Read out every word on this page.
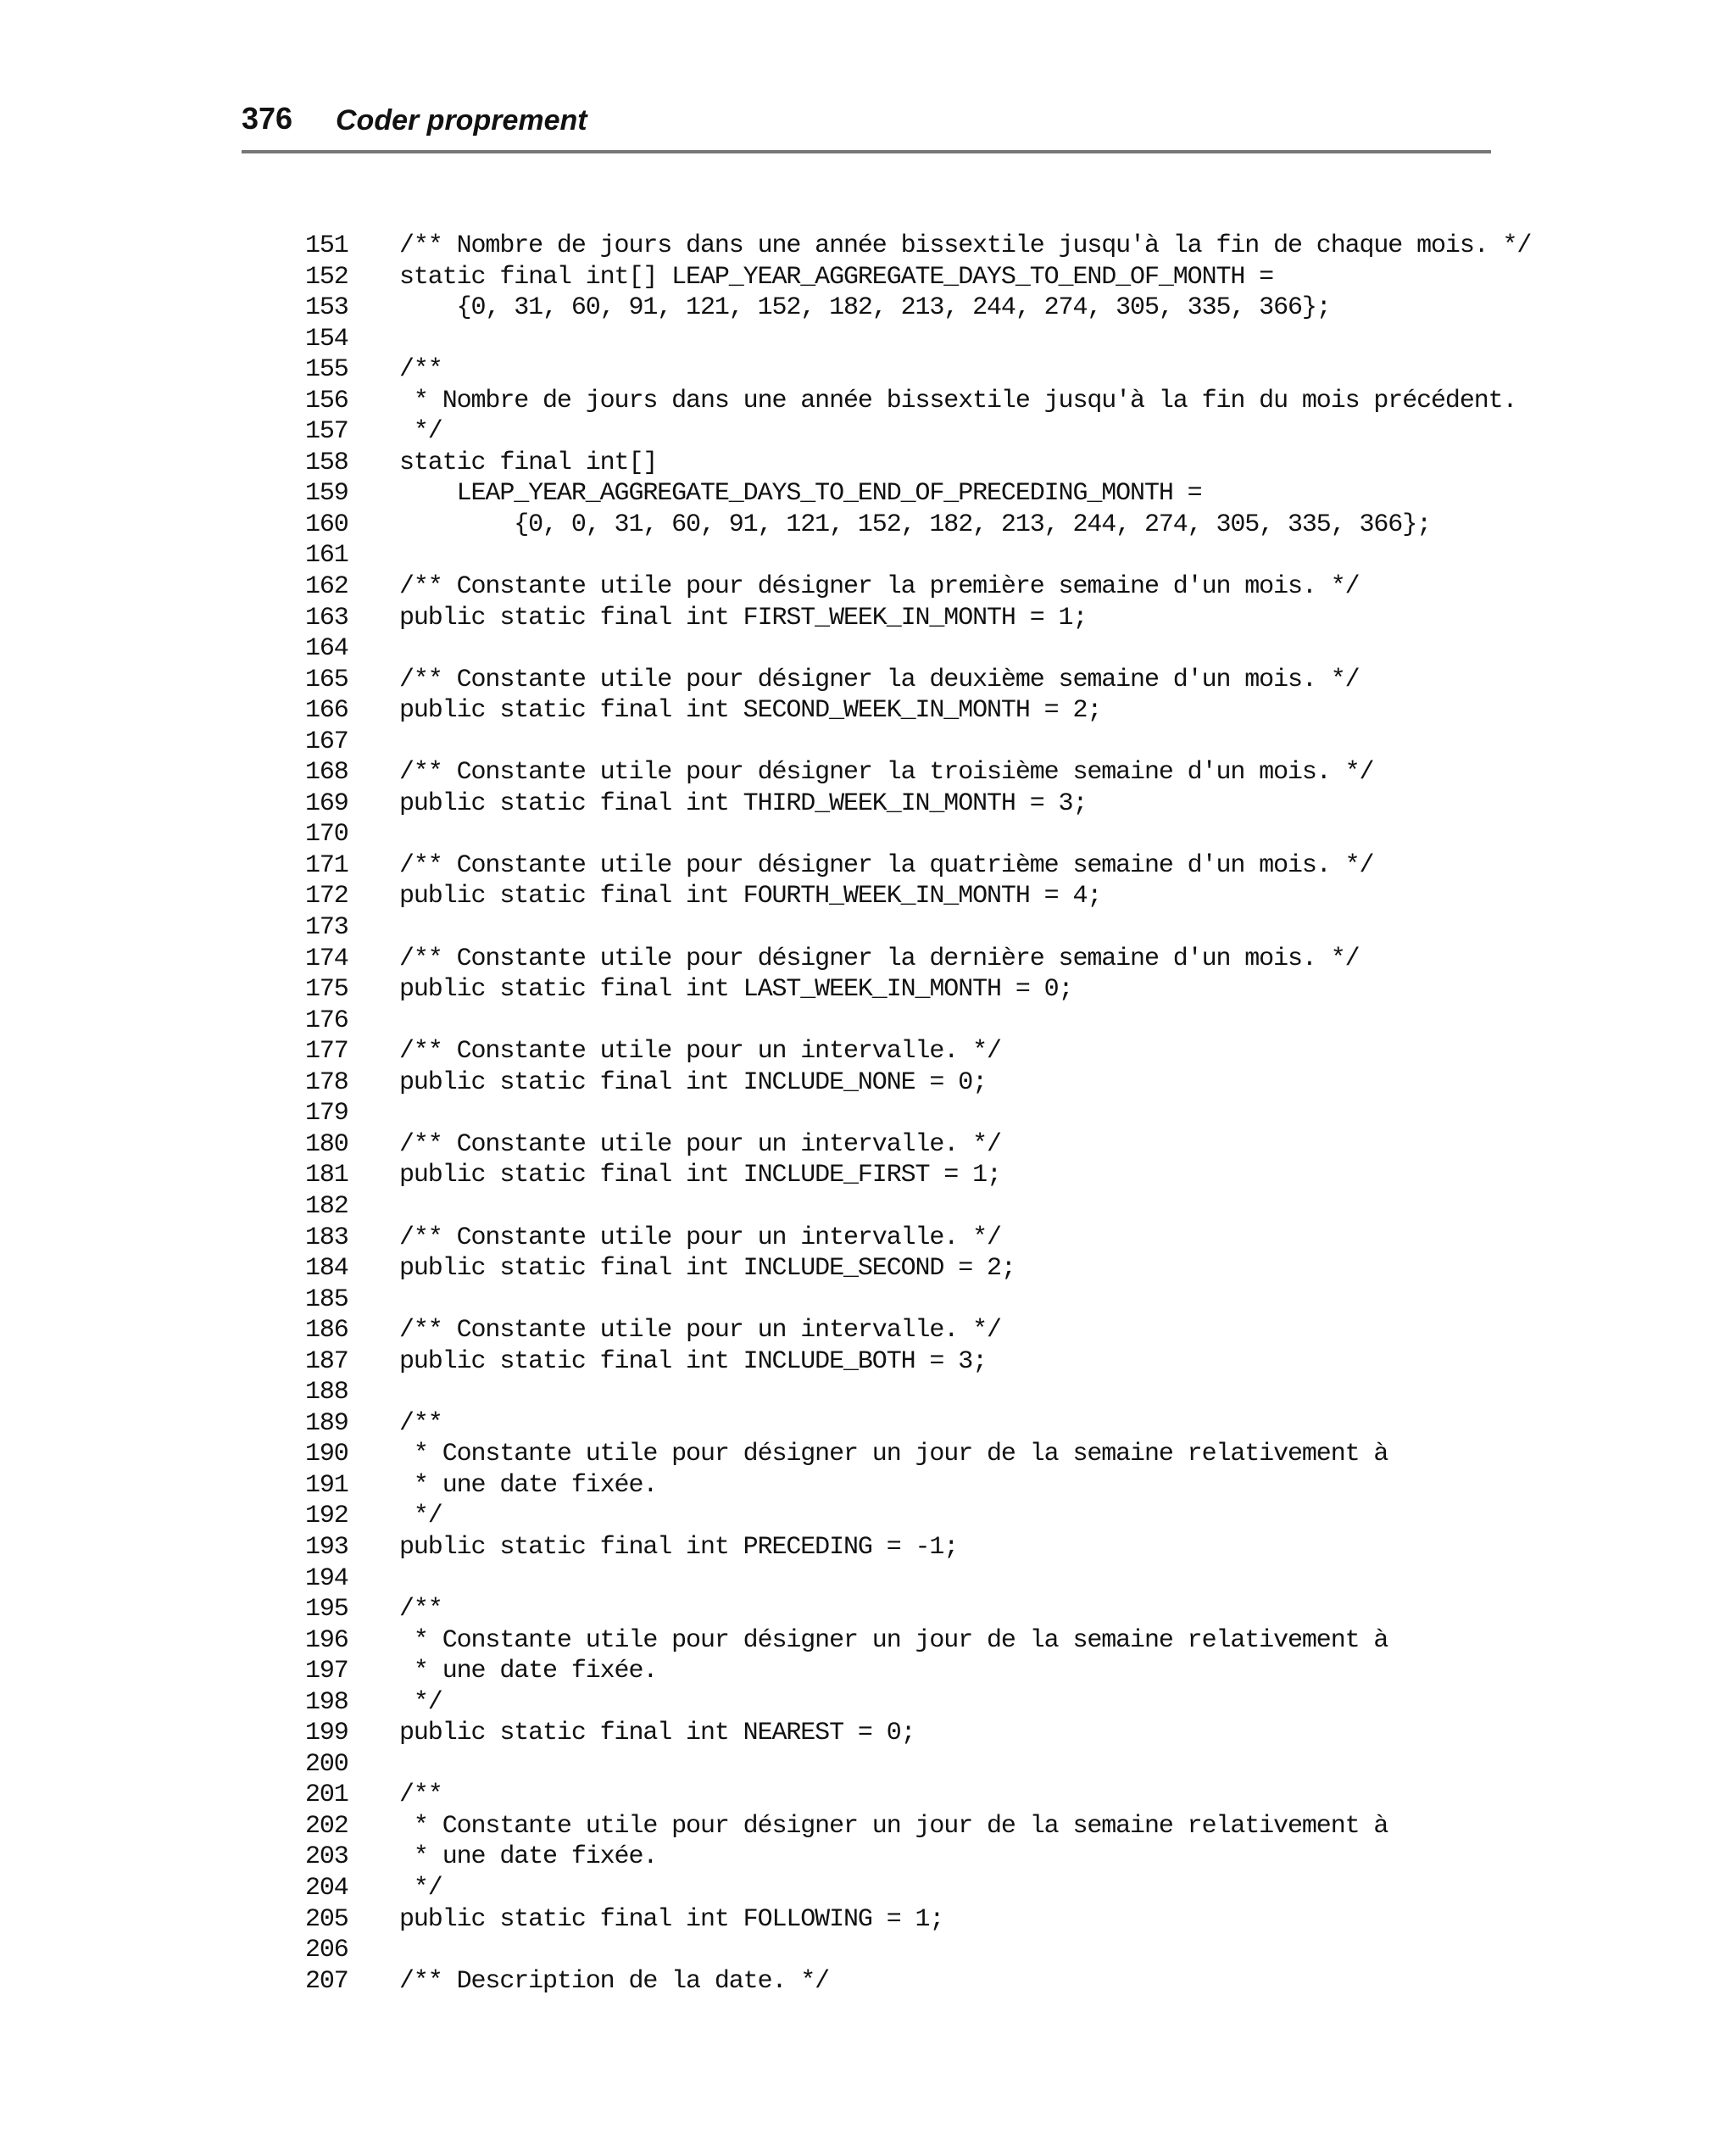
376 Coder proprement
151	/** Nombre de jours dans une année bissextile jusqu'à la fin de chaque mois. */
152	static final int[] LEAP_YEAR_AGGREGATE_DAYS_TO_END_OF_MONTH =
153	{0, 31, 60, 91, 121, 152, 182, 213, 244, 274, 305, 335, 366};
154
155	/**
156	* Nombre de jours dans une année bissextile jusqu'à la fin du mois précédent.
157	*/
158	static final int[]
159	LEAP_YEAR_AGGREGATE_DAYS_TO_END_OF_PRECEDING_MONTH =
160	{0, 0, 31, 60, 91, 121, 152, 182, 213, 244, 274, 305, 335, 366};
161
162	/** Constante utile pour désigner la première semaine d'un mois. */
163	public static final int FIRST_WEEK_IN_MONTH = 1;
164
165	/** Constante utile pour désigner la deuxième semaine d'un mois. */
166	public static final int SECOND_WEEK_IN_MONTH = 2;
167
168	/** Constante utile pour désigner la troisième semaine d'un mois. */
169	public static final int THIRD_WEEK_IN_MONTH = 3;
170
171	/** Constante utile pour désigner la quatrième semaine d'un mois. */
172	public static final int FOURTH_WEEK_IN_MONTH = 4;
173
174	/** Constante utile pour désigner la dernière semaine d'un mois. */
175	public static final int LAST_WEEK_IN_MONTH = 0;
176
177	/** Constante utile pour un intervalle. */
178	public static final int INCLUDE_NONE = 0;
179
180	/** Constante utile pour un intervalle. */
181	public static final int INCLUDE_FIRST = 1;
182
183	/** Constante utile pour un intervalle. */
184	public static final int INCLUDE_SECOND = 2;
185
186	/** Constante utile pour un intervalle. */
187	public static final int INCLUDE_BOTH = 3;
188
189	/**
190	* Constante utile pour désigner un jour de la semaine relativement à
191	* une date fixée.
192	*/
193	public static final int PRECEDING = -1;
194
195	/**
196	* Constante utile pour désigner un jour de la semaine relativement à
197	* une date fixée.
198	*/
199	public static final int NEAREST = 0;
200
201	/**
202	* Constante utile pour désigner un jour de la semaine relativement à
203	* une date fixée.
204	*/
205	public static final int FOLLOWING = 1;
206
207	/** Description de la date. */
